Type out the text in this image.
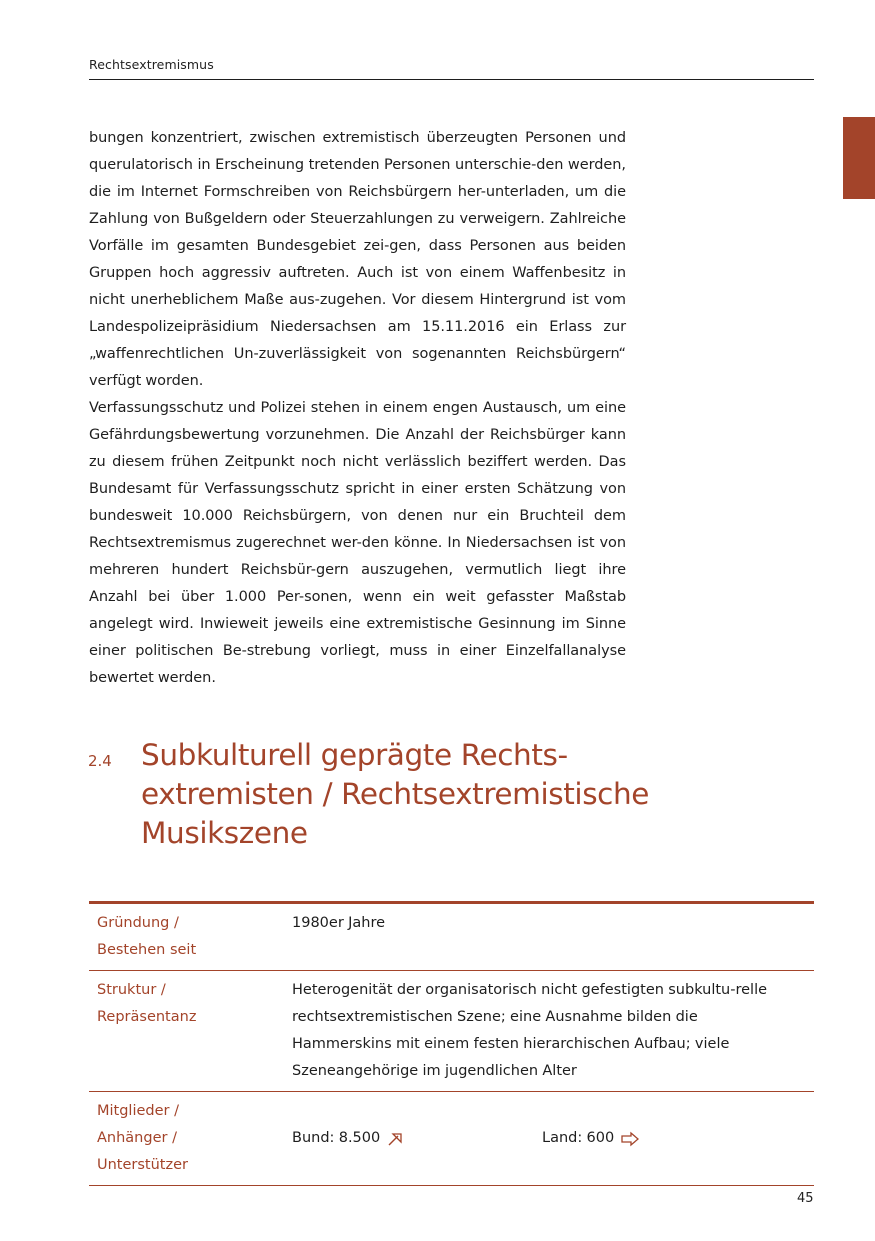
Rechtsextremismus

bungen konzentriert, zwischen extremistisch überzeugten Personen und querulatorisch in Erscheinung tretenden Personen unterschie-den werden, die im Internet Formschreiben von Reichsbürgern her-unterladen, um die Zahlung von Bußgeldern oder Steuerzahlungen zu verweigern. Zahlreiche Vorfälle im gesamten Bundesgebiet zei-gen, dass Personen aus beiden Gruppen hoch aggressiv auftreten. Auch ist von einem Waffenbesitz in nicht unerheblichem Maße aus-zugehen. Vor diesem Hintergrund ist vom Landespolizeipräsidium Niedersachsen am 15.11.2016 ein Erlass zur „waffenrechtlichen Un-zuverlässigkeit von sogenannten Reichsbürgern“ verfügt worden.

Verfassungsschutz und Polizei stehen in einem engen Austausch, um eine Gefährdungsbewertung vorzunehmen. Die Anzahl der Reichsbürger kann zu diesem frühen Zeitpunkt noch nicht verlässlich beziffert werden. Das Bundesamt für Verfassungsschutz spricht in einer ersten Schätzung von bundesweit 10.000 Reichsbürgern, von denen nur ein Bruchteil dem Rechtsextremismus zugerechnet wer-den könne. In Niedersachsen ist von mehreren hundert Reichsbür-gern auszugehen, vermutlich liegt ihre Anzahl bei über 1.000 Per-sonen, wenn ein weit gefasster Maßstab angelegt wird. Inwieweit jeweils eine extremistische Gesinnung im Sinne einer politischen Be-strebung vorliegt, muss in einer Einzelfallanalyse bewertet werden.

2.4 Subkulturell geprägte Rechts-extremisten / Rechtsextremistische Musikszene
Gründung /
Bestehen seit
1980er Jahre
Struktur /
Repräsentanz
Heterogenität der organisatorisch nicht gefestigten subkultu-relle rechtsextremistischen Szene; eine Ausnahme bilden die Hammerskins mit einem festen hierarchischen Aufbau; viele Szeneangehörige im jugendlichen Alter
Mitglieder /
Anhänger /
Unterstützer
Bund: 8.500	Land: 600
45
